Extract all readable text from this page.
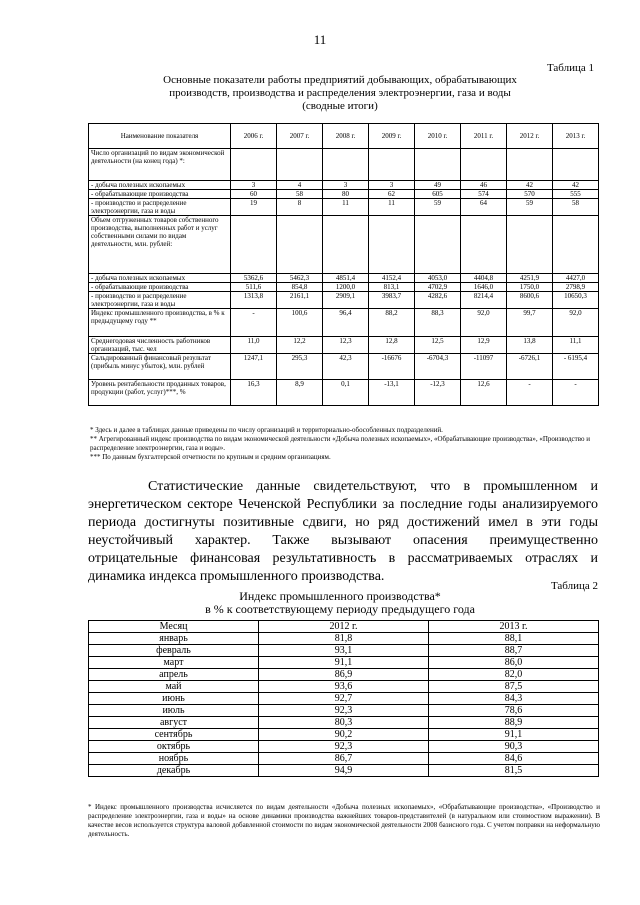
11
Таблица 1
Основные показатели работы предприятий добывающих, обрабатывающих
производств, производства и распределения электроэнергии, газа и воды
(сводные итоги)
Наименование показателя	2006 г.	2007 г.	2008 г.	2009 г.	2010 г.	2011 г.	2012 г.	2013 г.
Число организаций по видам экономической деятельности (на конец года) *:								
- добыча полезных ископаемых	3	4	3	3	49	46	42	42
- обрабатывающие производства	60	58	80	62	605	574	570	555
- производство и распределение электроэнергии, газа и воды	19	8	11	11	59	64	59	58
Объем отгруженных товаров собственного производства, выполненных работ и услуг собственными силами по видам деятельности, млн. рублей:								
- добыча полезных ископаемых	5362,6	5462,3	4851,4	4152,4	4053,0	4404,8	4251,9	4427,0
- обрабатывающие производства	511,6	854,8	1200,0	813,1	4702,9	1646,0	1750,0	2798,9
- производство и распределение электроэнергии, газа и воды	1313,8	2161,1	2909,1	3983,7	4282,6	8214,4	8600,6	10650,3
Индекс промышленного производства, в % к предыдущему году **	-	100,6	96,4	88,2	88,3	92,0	99,7	92,0
Среднегодовая численность работников организаций, тыс. чел	11,0	12,2	12,3	12,8	12,5	12,9	13,8	11,1
Сальдированный финансовый результат (прибыль минус убыток), млн. рублей	1247,1	295,3	42,3	-16676	-6704,3	-11097	-6726,1	- 6195,4
Уровень рентабельности проданных товаров, продукции (работ, услуг)***, %	16,3	8,9	0,1	-13,1	-12,3	12,6	-	-
* Здесь и далее в таблицах данные приведены по числу организаций и территориально-обособленных подразделений.
** Агрегированный индекс производства по видам экономической деятельности «Добыча полезных ископаемых», «Обрабатывающие производства», «Производство и распределение электроэнергии, газа и воды».
*** По данным бухгалтерской отчетности по крупным и средним организациям.
Статистические данные свидетельствуют, что в промышленном и энергетическом секторе Чеченской Республики за последние годы анализируемого периода достигнуты позитивные сдвиги, но ряд достижений имел в эти годы неустойчивый характер. Также вызывают опасения преимущественно отрицательные финансовая результативность в рассматриваемых отраслях и динамика индекса промышленного производства.
Таблица 2
Индекс промышленного производства*
в % к соответствующему периоду предыдущего года
Месяц	2012 г.	2013 г.
январь	81,8	88,1
февраль	93,1	88,7
март	91,1	86,0
апрель	86,9	82,0
май	93,6	87,5
июнь	92,7	84,3
июль	92,3	78,6
август	80,3	88,9
сентябрь	90,2	91,1
октябрь	92,3	90,3
ноябрь	86,7	84,6
декабрь	94,9	81,5
* Индекс промышленного производства исчисляется по видам деятельности «Добыча полезных ископаемых», «Обрабатывающие производства», «Производство и распределение электроэнергии, газа и воды» на основе динамики производства важнейших товаров-представителей (в натуральном или стоимостном выражении). В качестве весов используется структура валовой добавленной стоимости по видам экономической деятельности 2008 базисного года. С учетом поправки на неформальную деятельность.
